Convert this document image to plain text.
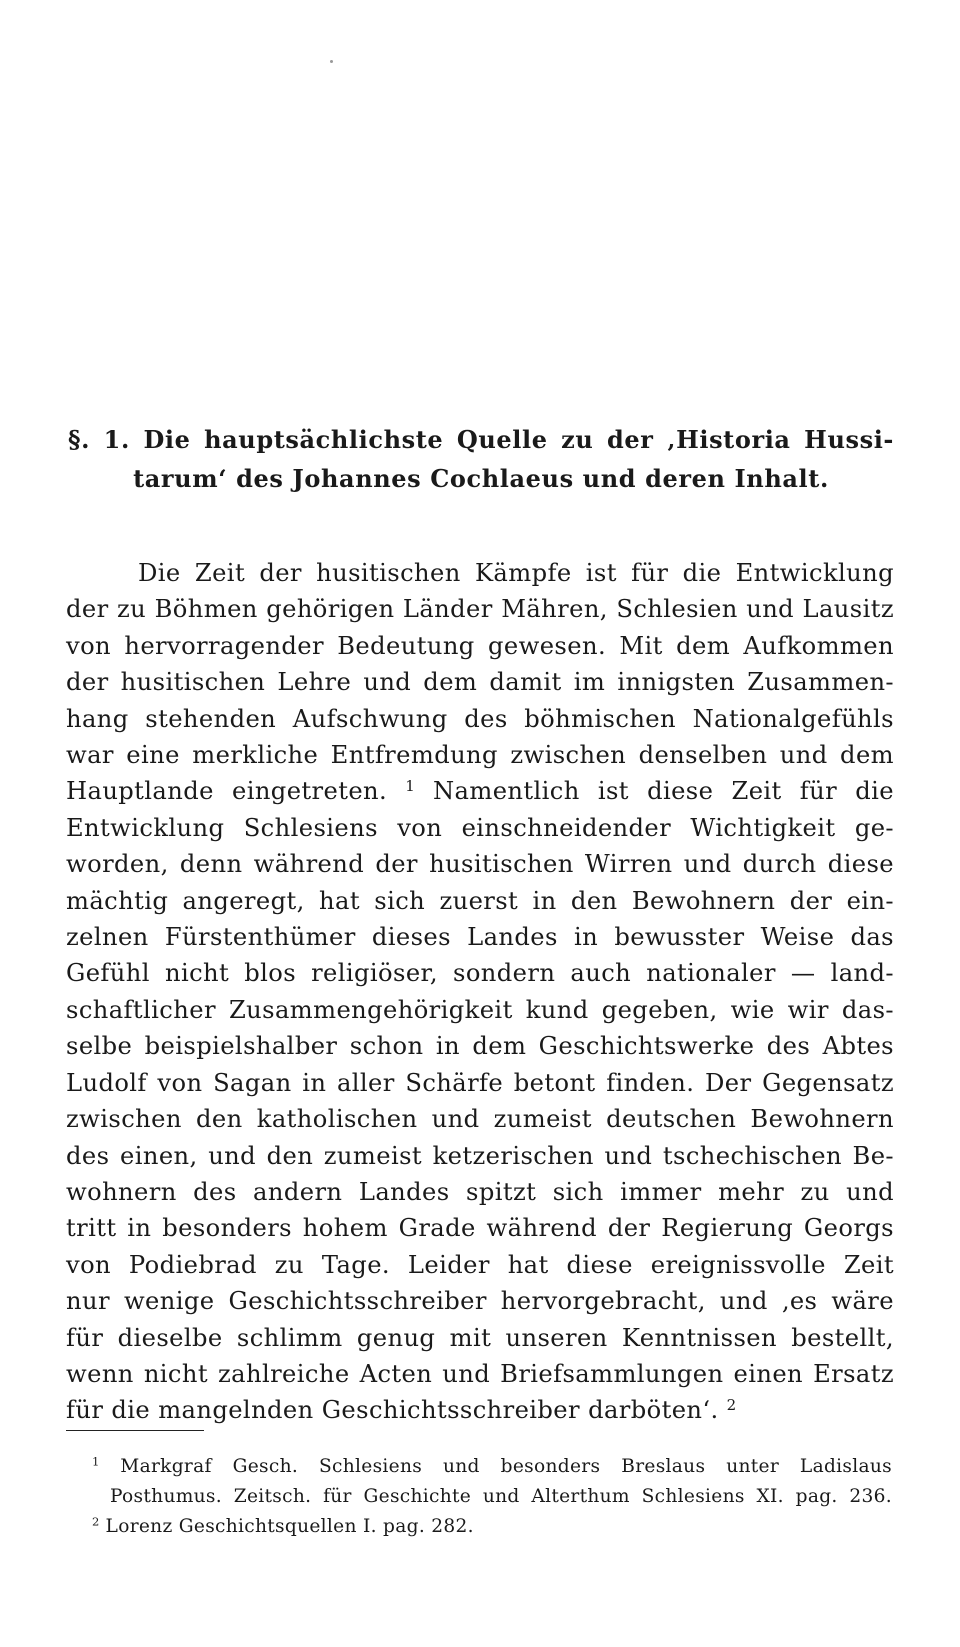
§. 1. Die hauptsächlichste Quelle zu der ‚Historia Hussi-
tarum‘ des Johannes Cochlaeus und deren Inhalt.
Die Zeit der husitischen Kämpfe ist für die Entwicklung
der zu Böhmen gehörigen Länder Mähren, Schlesien und Lausitz
von hervorragender Bedeutung gewesen. Mit dem Aufkommen
der husitischen Lehre und dem damit im innigsten Zusammen-
hang stehenden Aufschwung des böhmischen Nationalgefühls
war eine merkliche Entfremdung zwischen denselben und dem
Hauptlande eingetreten. $^1$ Namentlich ist diese Zeit für die
Entwicklung Schlesiens von einschneidender Wichtigkeit ge-
worden, denn während der husitischen Wirren und durch diese
mächtig angeregt, hat sich zuerst in den Bewohnern der ein-
zelnen Fürstenthümer dieses Landes in bewusster Weise das
Gefühl nicht blos religiöser, sondern auch nationaler — land-
schaftlicher Zusammengehörigkeit kund gegeben, wie wir das-
selbe beispielshalber schon in dem Geschichtswerke des Abtes
Ludolf von Sagan in aller Schärfe betont finden. Der Gegensatz
zwischen den katholischen und zumeist deutschen Bewohnern
des einen, und den zumeist ketzerischen und tschechischen Be-
wohnern des andern Landes spitzt sich immer mehr zu und
tritt in besonders hohem Grade während der Regierung Georgs
von Podiebrad zu Tage. Leider hat diese ereignissvolle Zeit
nur wenige Geschichtsschreiber hervorgebracht, und ‚es wäre
für dieselbe schlimm genug mit unseren Kenntnissen bestellt,
wenn nicht zahlreiche Acten und Briefsammlungen einen Ersatz
für die mangelnden Geschichtsschreiber darböten‘. $^2$
$^1$ Markgraf Gesch. Schlesiens und besonders Breslaus unter Ladislaus
Posthumus. Zeitsch. für Geschichte und Alterthum Schlesiens XI. pag. 236.
$^2$ Lorenz Geschichtsquellen I. pag. 282.
